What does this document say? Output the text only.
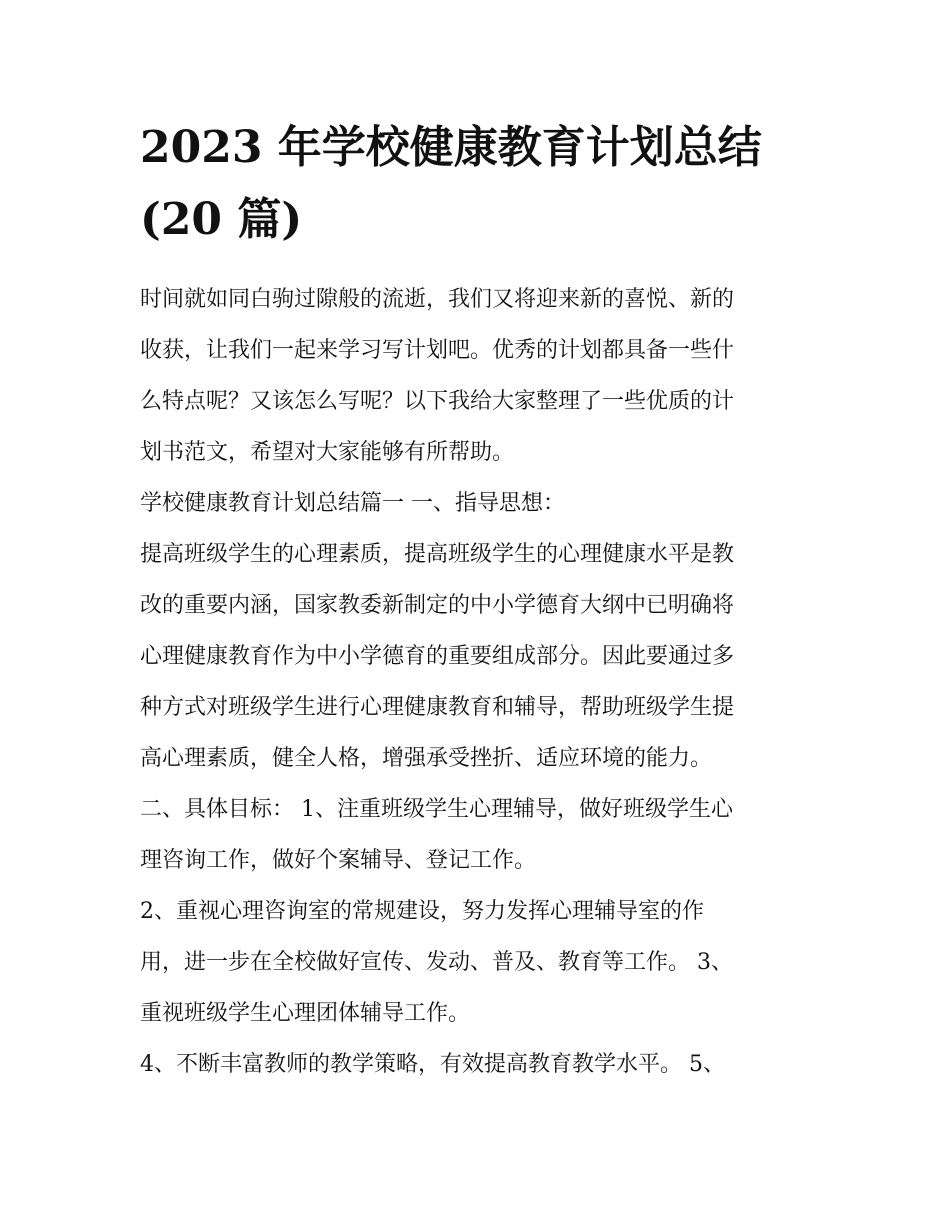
2023 年学校健康教育计划总结
(20 篇)

时间就如同白驹过隙般的流逝，我们又将迎来新的喜悦、新的
收获，让我们一起来学习写计划吧。优秀的计划都具备一些什
么特点呢？又该怎么写呢？以下我给大家整理了一些优质的计
划书范文，希望对大家能够有所帮助。

学校健康教育计划总结篇一 一、指导思想：

提高班级学生的心理素质，提高班级学生的心理健康水平是教
改的重要内涵，国家教委新制定的中小学德育大纲中已明确将
心理健康教育作为中小学德育的重要组成部分。因此要通过多
种方式对班级学生进行心理健康教育和辅导，帮助班级学生提
高心理素质，健全人格，增强承受挫折、适应环境的能力。

二、具体目标： 1、注重班级学生心理辅导，做好班级学生心
理咨询工作，做好个案辅导、登记工作。

2、重视心理咨询室的常规建设，努力发挥心理辅导室的作
用，进一步在全校做好宣传、发动、普及、教育等工作。 3、
重视班级学生心理团体辅导工作。

4、不断丰富教师的教学策略，有效提高教育教学水平。 5、
